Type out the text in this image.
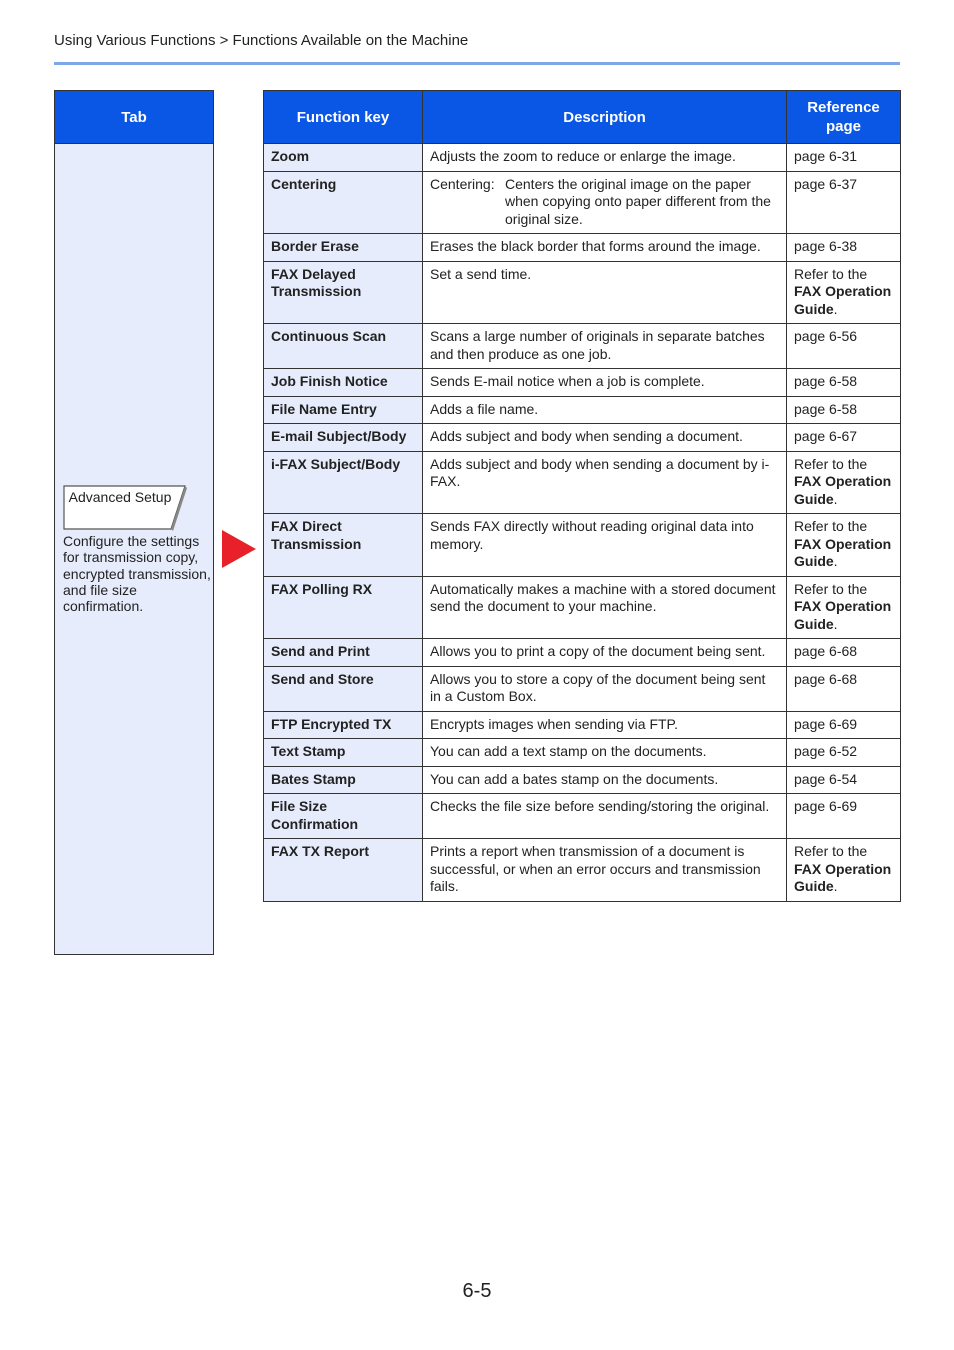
Using Various Functions > Functions Available on the Machine
Tab
Advanced Setup
Configure the settings for transmission copy, encrypted transmission, and file size confirmation.
Function key	Description	Reference page
Zoom	Adjusts the zoom to reduce or enlarge the image.	page 6-31
Centering	Centering: Centers the original image on the paper when copying onto paper different from the original size.	page 6-37
Border Erase	Erases the black border that forms around the image.	page 6-38
FAX Delayed Transmission	Set a send time.	Refer to the
FAX Operation Guide.
Continuous Scan	Scans a large number of originals in separate batches and then produce as one job.	page 6-56
Job Finish Notice	Sends E-mail notice when a job is complete.	page 6-58
File Name Entry	Adds a file name.	page 6-58
E-mail Subject/Body	Adds subject and body when sending a document.	page 6-67
i-FAX Subject/Body	Adds subject and body when sending a document by i-FAX.	Refer to the
FAX Operation Guide.
FAX Direct Transmission	Sends FAX directly without reading original data into memory.	Refer to the
FAX Operation Guide.
FAX Polling RX	Automatically makes a machine with a stored document send the document to your machine.	Refer to the
FAX Operation Guide.
Send and Print	Allows you to print a copy of the document being sent.	page 6-68
Send and Store	Allows you to store a copy of the document being sent in a Custom Box.	page 6-68
FTP Encrypted TX	Encrypts images when sending via FTP.	page 6-69
Text Stamp	You can add a text stamp on the documents.	page 6-52
Bates Stamp	You can add a bates stamp on the documents.	page 6-54
File Size Confirmation	Checks the file size before sending/storing the original.	page 6-69
FAX TX Report	Prints a report when transmission of a document is successful, or when an error occurs and transmission fails.	Refer to the
FAX Operation Guide.
6-5
